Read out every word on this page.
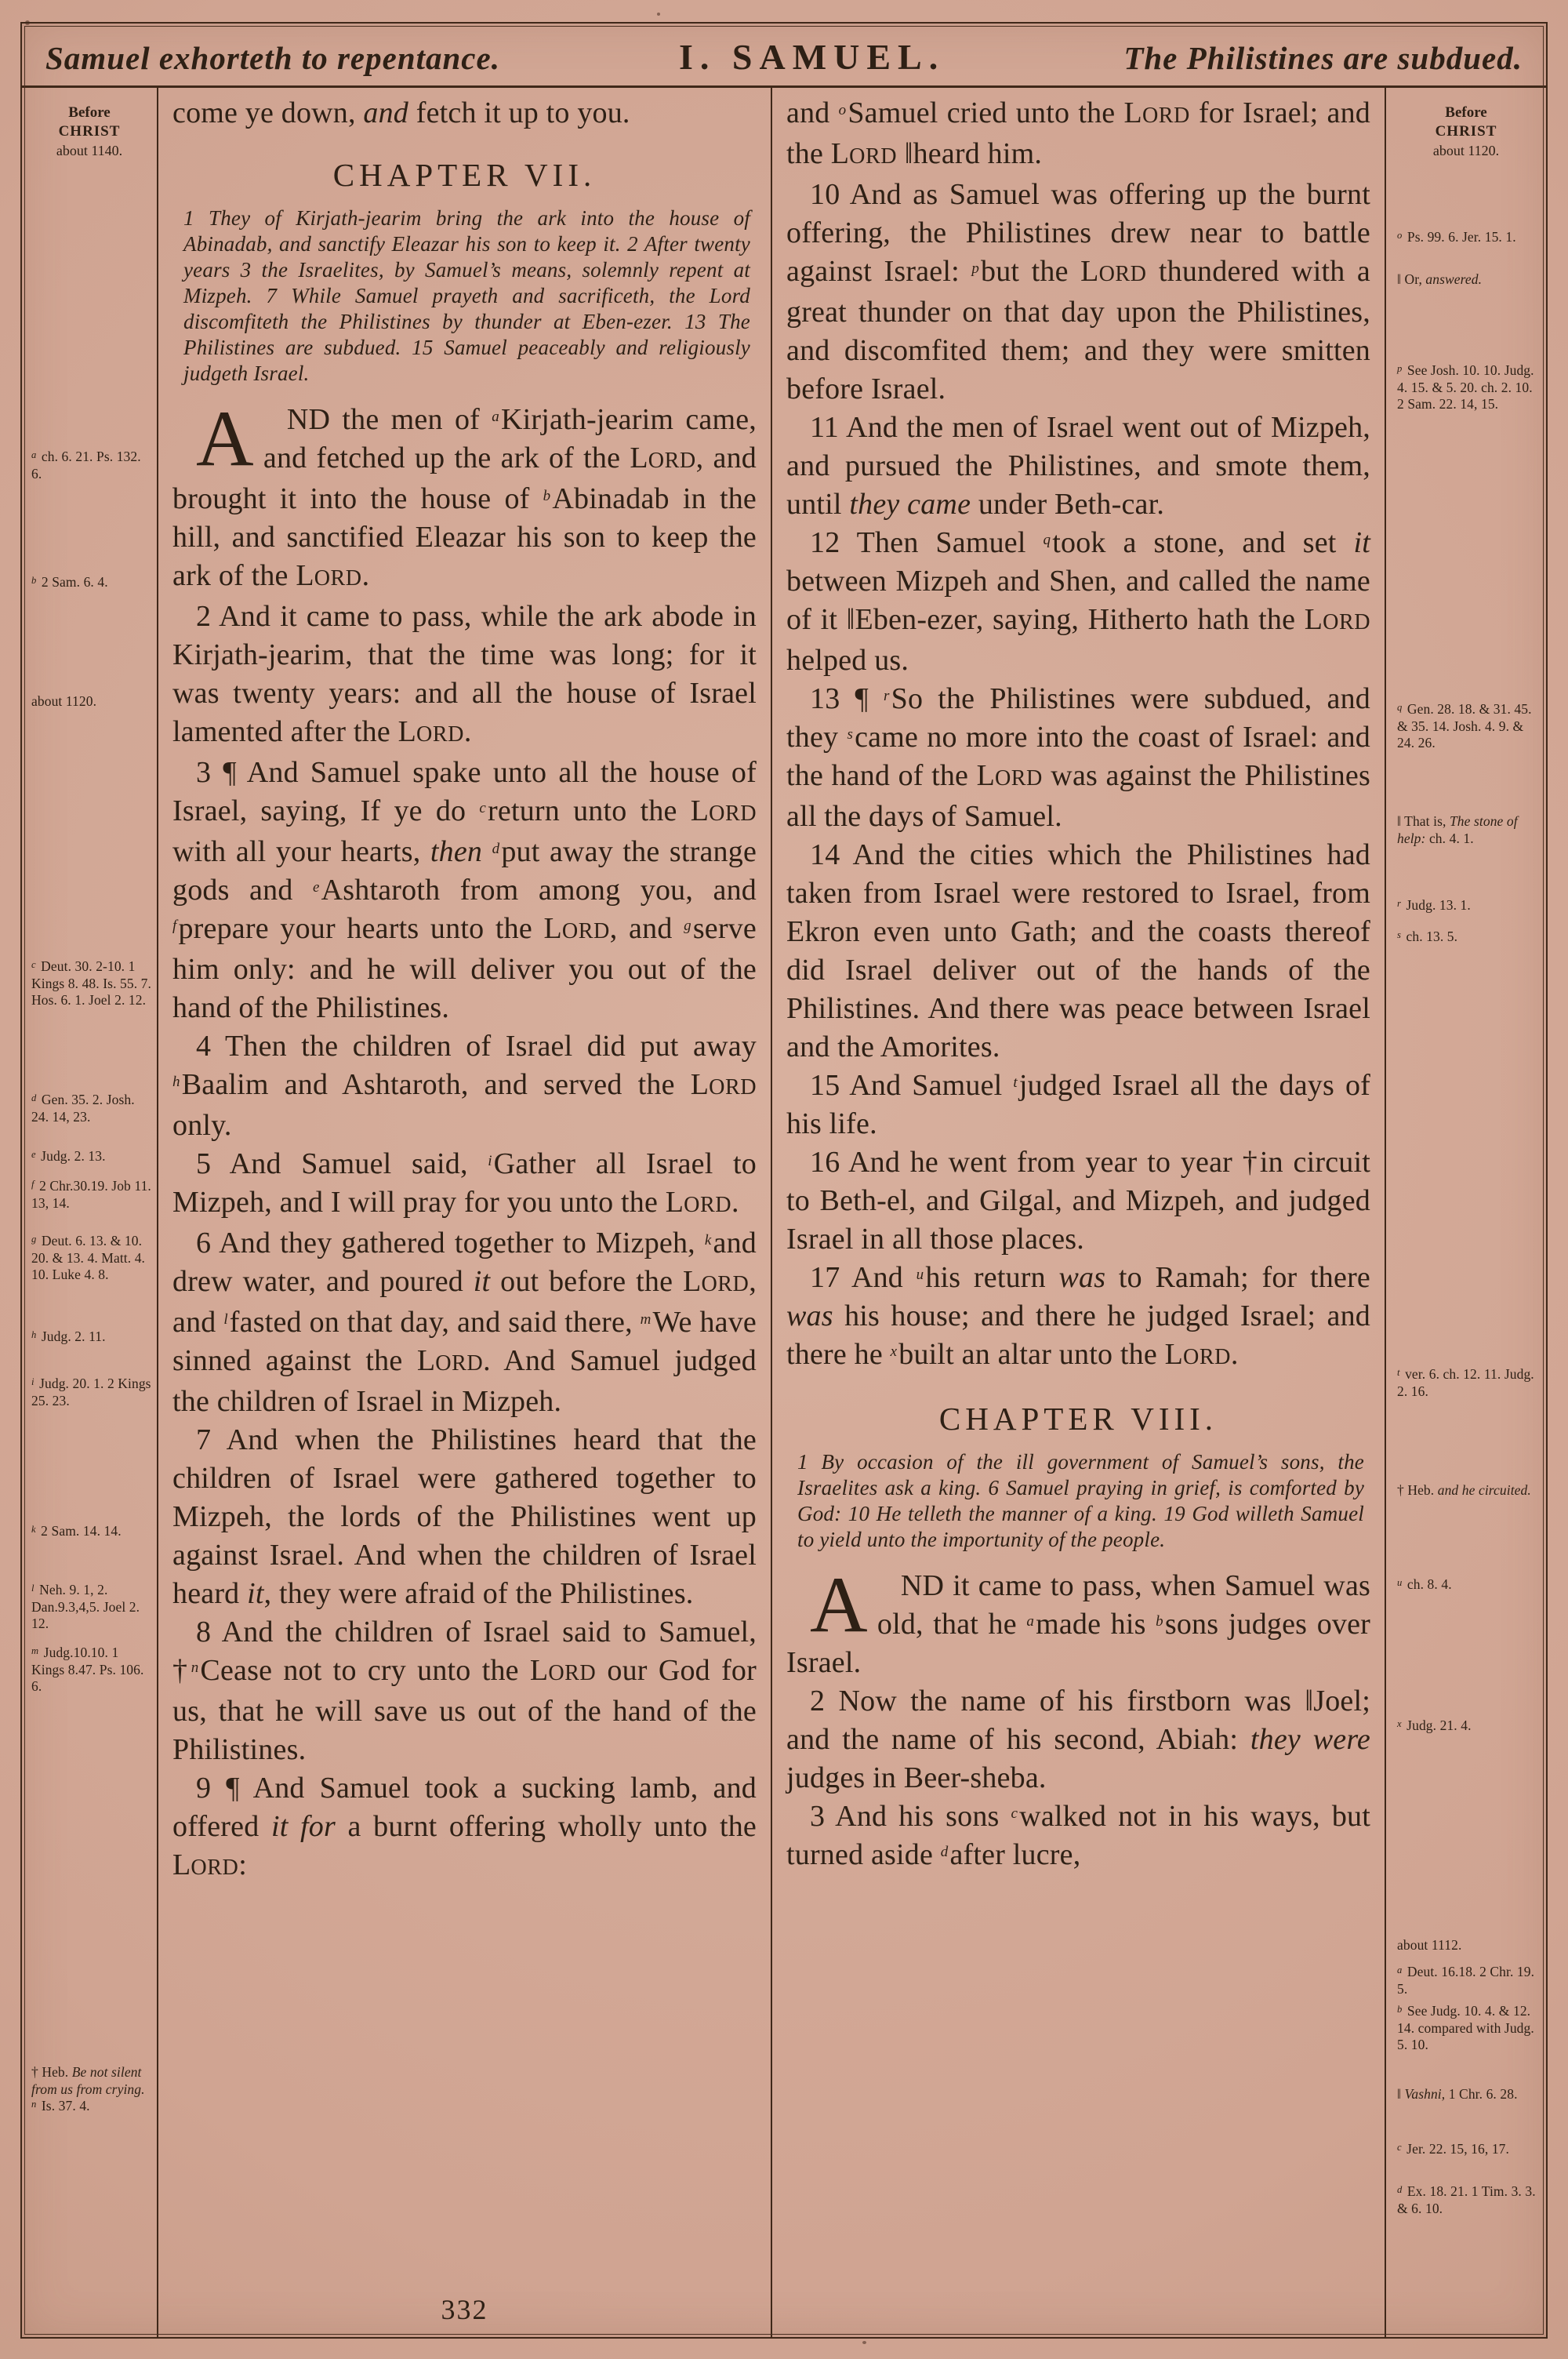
Samuel exhorteth to repentance.	I. SAMUEL.	The Philistines are subdued.
Before
CHRIST
about 1140.
$^a$ ch. 6. 21. Ps. 132. 6.
$^b$ 2 Sam. 6. 4.
about 1120.
$^c$ Deut. 30. 2-10. 1 Kings 8. 48. Is. 55. 7. Hos. 6. 1. Joel 2. 12.
$^d$ Gen. 35. 2. Josh. 24. 14, 23.
$^e$ Judg. 2. 13.
$^f$ 2 Chr.30.19. Job 11. 13, 14.
$^g$ Deut. 6. 13. & 10. 20. & 13. 4. Matt. 4. 10. Luke 4. 8.
$^h$ Judg. 2. 11.
$^i$ Judg. 20. 1. 2 Kings 25. 23.
$^k$ 2 Sam. 14. 14.
$^l$ Neh. 9. 1, 2. Dan.9.3,4,5. Joel 2. 12.
$^m$ Judg.10.10. 1 Kings 8.47. Ps. 106. 6.
† Heb. Be not silent from us from crying. $^n$ Is. 37. 4.

come ye down, and fetch it up to you.

CHAPTER VII.

1 They of Kirjath-jearim bring the ark into the house of Abinadab, and sanctify Eleazar his son to keep it. 2 After twenty years 3 the Israelites, by Samuel’s means, solemnly repent at Mizpeh. 7 While Samuel prayeth and sacrificeth, the Lord discomfiteth the Philistines by thunder at Eben-ezer. 13 The Philistines are subdued. 15 Samuel peaceably and religiously judgeth Israel.

A	ND the men of $^a$Kirjath-jearim came, and fetched up the ark of the LORD, and brought it into the house of $^b$Abinadab in the hill, and sanctified Eleazar his son to keep the ark of the LORD.

2 And it came to pass, while the ark abode in Kirjath-jearim, that the time was long; for it was twenty years: and all the house of Israel lamented after the LORD.

3 ¶ And Samuel spake unto all the house of Israel, saying, If ye do $^c$return unto the LORD with all your hearts, then $^d$put away the strange gods and $^e$Ashtaroth from among you, and $^f$prepare your hearts unto the LORD, and $^g$serve him only: and he will deliver you out of the hand of the Philistines.

4 Then the children of Israel did put away $^h$Baalim and Ashtaroth, and served the LORD only.

5 And Samuel said, $^i$Gather all Israel to Mizpeh, and I will pray for you unto the LORD.

6 And they gathered together to Mizpeh, $^k$and drew water, and poured it out before the LORD, and $^l$fasted on that day, and said there, $^m$We have sinned against the LORD. And Samuel judged the children of Israel in Mizpeh.

7 And when the Philistines heard that the children of Israel were gathered together to Mizpeh, the lords of the Philistines went up against Israel. And when the children of Israel heard it, they were afraid of the Philistines.

8 And the children of Israel said to Samuel, †$^n$Cease not to cry unto the LORD our God for us, that he will save us out of the hand of the Philistines.

9 ¶ And Samuel took a sucking lamb, and offered it for a burnt offering wholly unto the LORD:

332

and $^o$Samuel cried unto the LORD for Israel; and the LORD ‖heard him.

10 And as Samuel was offering up the burnt offering, the Philistines drew near to battle against Israel: $^p$but the LORD thundered with a great thunder on that day upon the Philistines, and discomfited them; and they were smitten before Israel.

11 And the men of Israel went out of Mizpeh, and pursued the Philistines, and smote them, until they came under Beth-car.

12 Then Samuel $^q$took a stone, and set it between Mizpeh and Shen, and called the name of it ‖Eben-ezer, saying, Hitherto hath the LORD helped us.

13 ¶ $^r$So the Philistines were subdued, and they $^s$came no more into the coast of Israel: and the hand of the LORD was against the Philistines all the days of Samuel.

14 And the cities which the Philistines had taken from Israel were restored to Israel, from Ekron even unto Gath; and the coasts thereof did Israel deliver out of the hands of the Philistines. And there was peace between Israel and the Amorites.

15 And Samuel $^t$judged Israel all the days of his life.

16 And he went from year to year †in circuit to Beth-el, and Gilgal, and Mizpeh, and judged Israel in all those places.

17 And $^u$his return was to Ramah; for there was his house; and there he judged Israel; and there he $^x$built an altar unto the LORD.

CHAPTER VIII.

1 By occasion of the ill government of Samuel’s sons, the Israelites ask a king. 6 Samuel praying in grief, is comforted by God: 10 He telleth the manner of a king. 19 God willeth Samuel to yield unto the importunity of the people.

A	ND it came to pass, when Samuel was old, that he $^a$made his $^b$sons judges over Israel.

2 Now the name of his firstborn was ‖Joel; and the name of his second, Abiah: they were judges in Beer-sheba.

3 And his sons $^c$walked not in his ways, but turned aside $^d$after lucre,

Before
CHRIST
about 1120.
$^o$ Ps. 99. 6. Jer. 15. 1.
‖ Or, answered.
$^p$ See Josh. 10. 10. Judg. 4. 15. & 5. 20. ch. 2. 10. 2 Sam. 22. 14, 15.
$^q$ Gen. 28. 18. & 31. 45. & 35. 14. Josh. 4. 9. & 24. 26.
‖ That is, The stone of help: ch. 4. 1.
$^r$ Judg. 13. 1.
$^s$ ch. 13. 5.
$^t$ ver. 6. ch. 12. 11. Judg. 2. 16.
† Heb. and he circuited.
$^u$ ch. 8. 4.
$^x$ Judg. 21. 4.
about 1112.
$^a$ Deut. 16.18. 2 Chr. 19. 5.
$^b$ See Judg. 10. 4. & 12. 14. compared with Judg. 5. 10.
‖ Vashni, 1 Chr. 6. 28.
$^c$ Jer. 22. 15, 16, 17.
$^d$ Ex. 18. 21. 1 Tim. 3. 3. & 6. 10.
